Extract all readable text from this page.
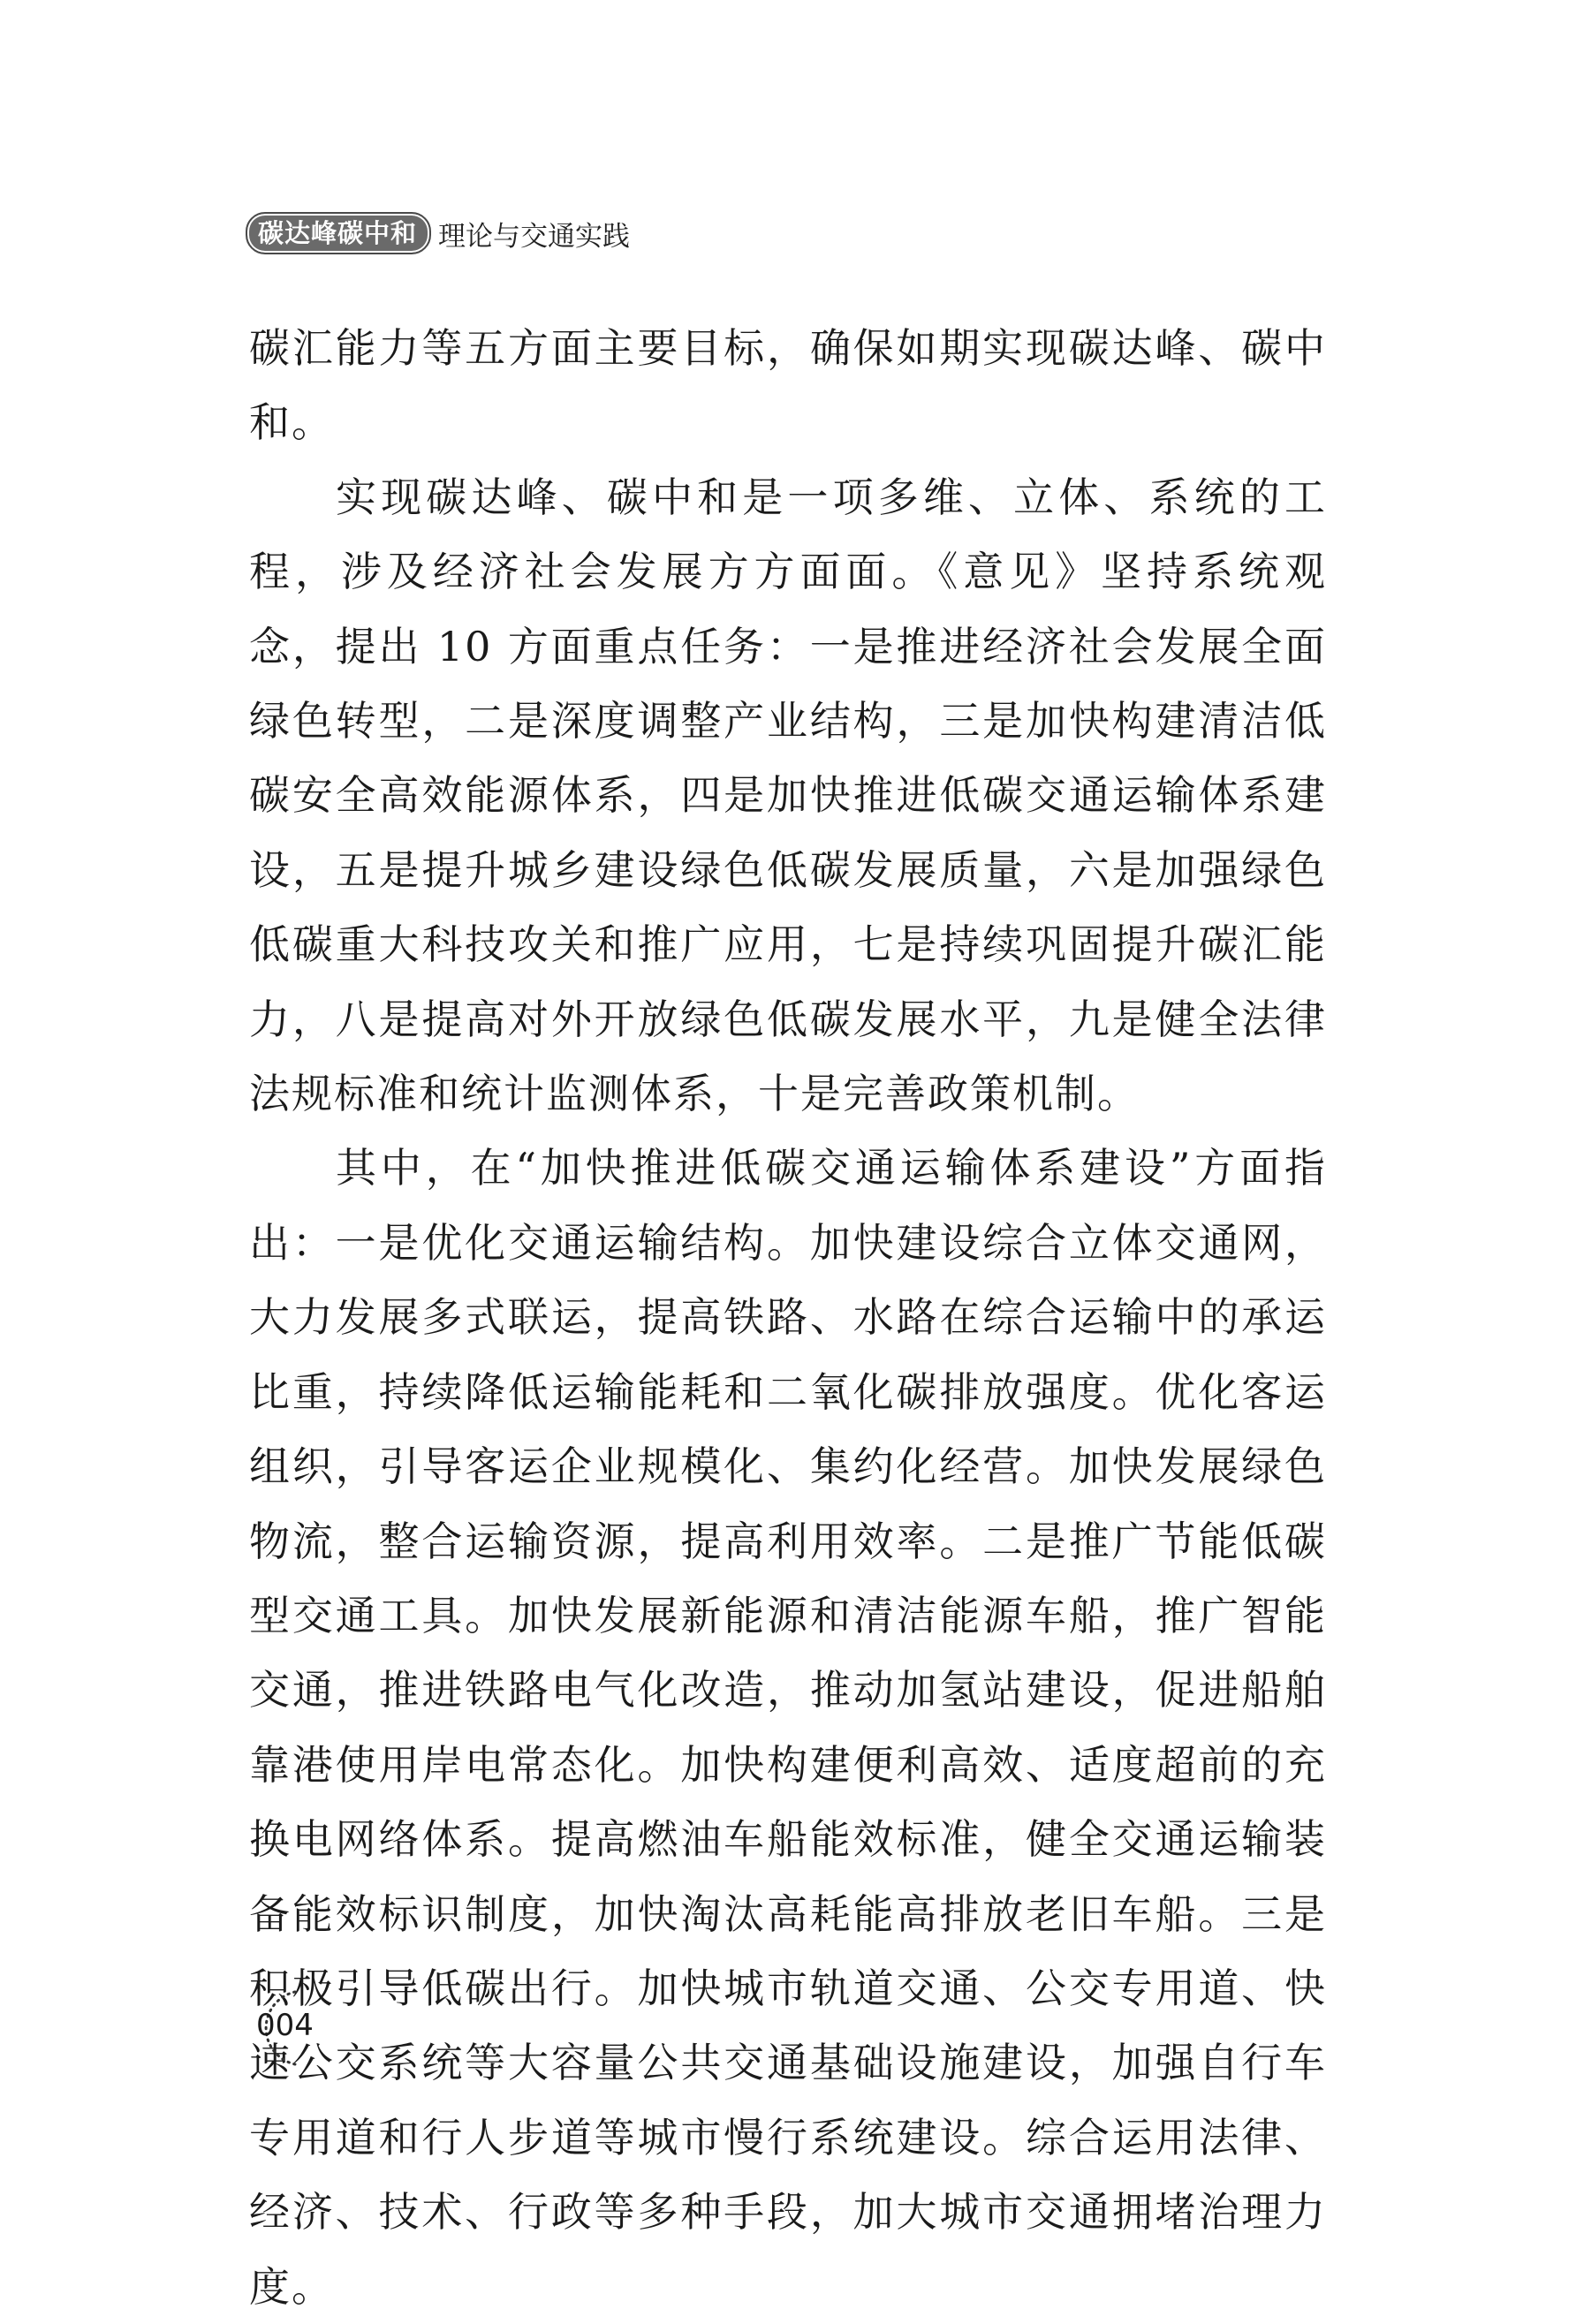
碳达峰碳中和 理论与交通实践

碳汇能力等五方面主要目标，确保如期实现碳达峰、碳中和。

实现碳达峰、碳中和是一项多维、立体、系统的工程，涉及经济社会发展方方面面。《意见》坚持系统观念，提出 10 方面重点任务：一是推进经济社会发展全面绿色转型，二是深度调整产业结构，三是加快构建清洁低碳安全高效能源体系，四是加快推进低碳交通运输体系建设，五是提升城乡建设绿色低碳发展质量，六是加强绿色低碳重大科技攻关和推广应用，七是持续巩固提升碳汇能力，八是提高对外开放绿色低碳发展水平，九是健全法律法规标准和统计监测体系，十是完善政策机制。

其中，在“加快推进低碳交通运输体系建设”方面指出：一是优化交通运输结构。加快建设综合立体交通网，大力发展多式联运，提高铁路、水路在综合运输中的承运比重，持续降低运输能耗和二氧化碳排放强度。优化客运组织，引导客运企业规模化、集约化经营。加快发展绿色物流，整合运输资源，提高利用效率。二是推广节能低碳型交通工具。加快发展新能源和清洁能源车船，推广智能交通，推进铁路电气化改造，推动加氢站建设，促进船舶靠港使用岸电常态化。加快构建便利高效、适度超前的充换电网络体系。提高燃油车船能效标准，健全交通运输装备能效标识制度，加快淘汰高耗能高排放老旧车船。三是积极引导低碳出行。加快城市轨道交通、公交专用道、快速公交系统等大容量公共交通基础设施建设，加强自行车专用道和行人步道等城市慢行系统建设。综合运用法律、经济、技术、行政等多种手段，加大城市交通拥堵治理力度。

004
